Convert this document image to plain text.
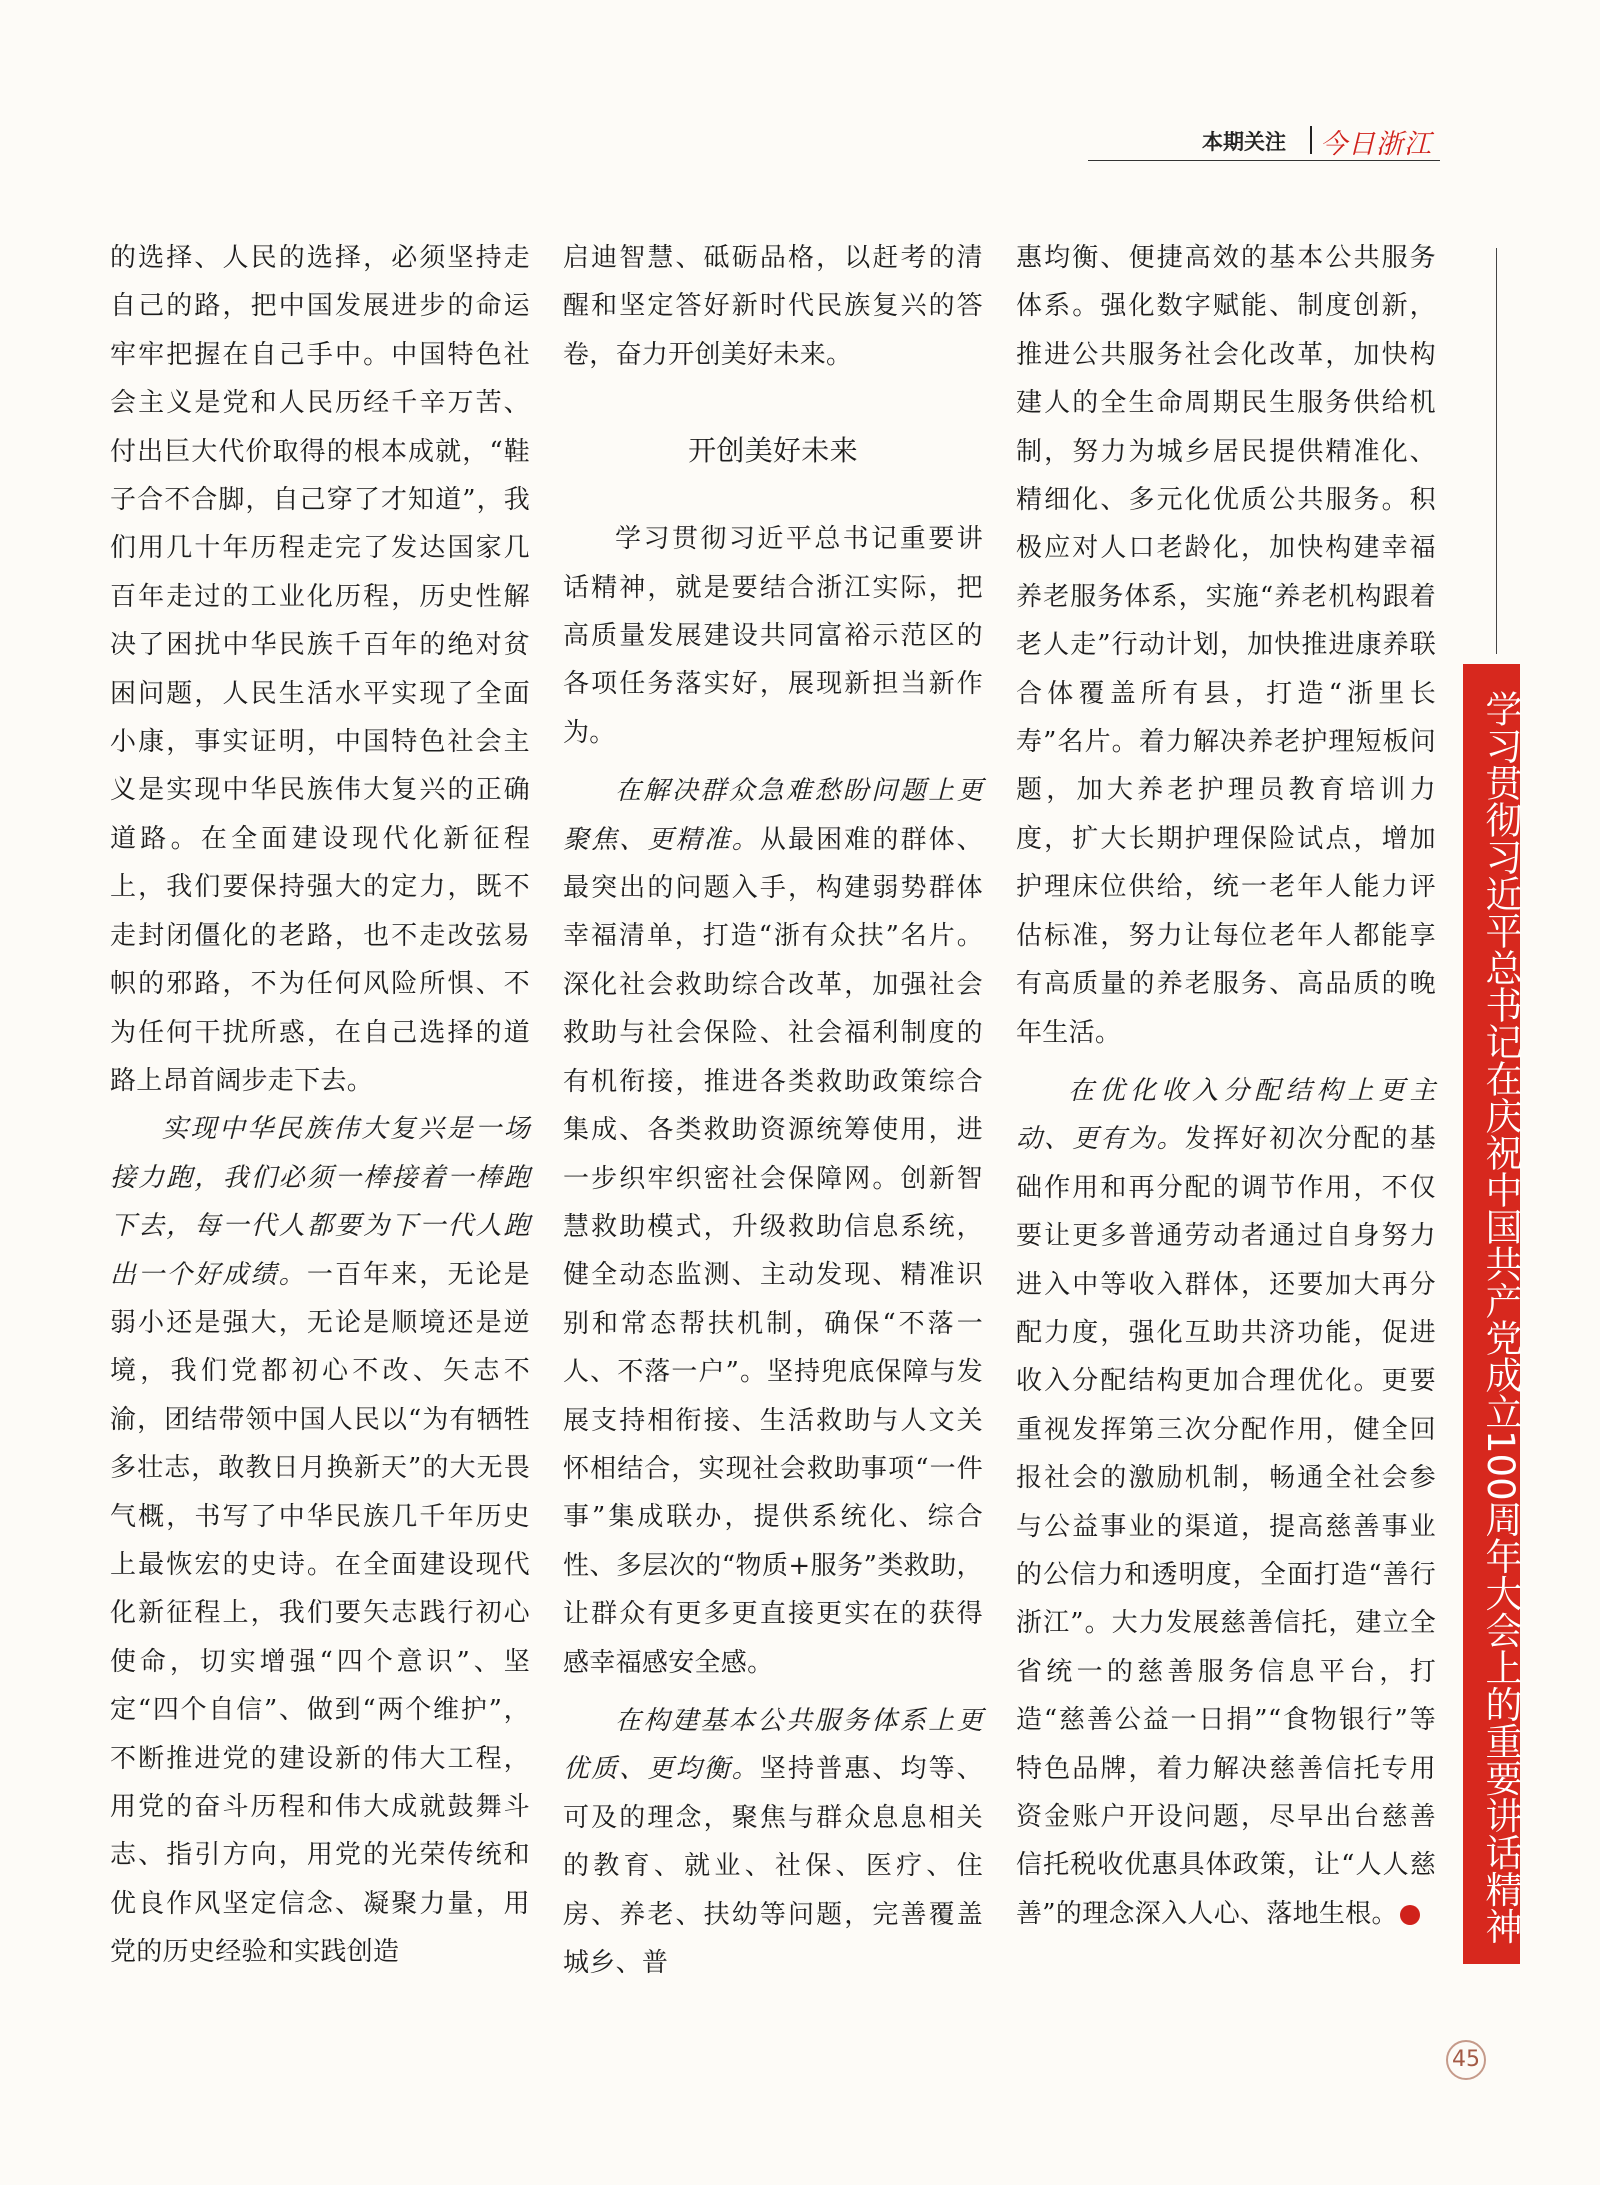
本期关注 今日浙江

的选择、人民的选择，必须坚持走自己的路，把中国发展进步的命运牢牢把握在自己手中。中国特色社会主义是党和人民历经千辛万苦、付出巨大代价取得的根本成就，“鞋子合不合脚，自己穿了才知道”，我们用几十年历程走完了发达国家几百年走过的工业化历程，历史性解决了困扰中华民族千百年的绝对贫困问题，人民生活水平实现了全面小康，事实证明，中国特色社会主义是实现中华民族伟大复兴的正确道路。在全面建设现代化新征程上，我们要保持强大的定力，既不走封闭僵化的老路，也不走改弦易帜的邪路，不为任何风险所惧、不为任何干扰所惑，在自己选择的道路上昂首阔步走下去。

实现中华民族伟大复兴是一场接力跑，我们必须一棒接着一棒跑下去，每一代人都要为下一代人跑出一个好成绩。一百年来，无论是弱小还是强大，无论是顺境还是逆境，我们党都初心不改、矢志不渝，团结带领中国人民以“为有牺牲多壮志，敢教日月换新天”的大无畏气概，书写了中华民族几千年历史上最恢宏的史诗。在全面建设现代化新征程上，我们要矢志践行初心使命，切实增强“四个意识”、坚定“四个自信”、做到“两个维护”，不断推进党的建设新的伟大工程，用党的奋斗历程和伟大成就鼓舞斗志、指引方向，用党的光荣传统和优良作风坚定信念、凝聚力量，用党的历史经验和实践创造

启迪智慧、砥砺品格，以赶考的清醒和坚定答好新时代民族复兴的答卷，奋力开创美好未来。

开创美好未来

学习贯彻习近平总书记重要讲话精神，就是要结合浙江实际，把高质量发展建设共同富裕示范区的各项任务落实好，展现新担当新作为。

在解决群众急难愁盼问题上更聚焦、更精准。从最困难的群体、最突出的问题入手，构建弱势群体幸福清单，打造“浙有众扶”名片。深化社会救助综合改革，加强社会救助与社会保险、社会福利制度的有机衔接，推进各类救助政策综合集成、各类救助资源统筹使用，进一步织牢织密社会保障网。创新智慧救助模式，升级救助信息系统，健全动态监测、主动发现、精准识别和常态帮扶机制，确保“不落一人、不落一户”。坚持兜底保障与发展支持相衔接、生活救助与人文关怀相结合，实现社会救助事项“一件事”集成联办，提供系统化、综合性、多层次的“物质+服务”类救助，让群众有更多更直接更实在的获得感幸福感安全感。

在构建基本公共服务体系上更优质、更均衡。坚持普惠、均等、可及的理念，聚焦与群众息息相关的教育、就业、社保、医疗、住房、养老、扶幼等问题，完善覆盖城乡、普

惠均衡、便捷高效的基本公共服务体系。强化数字赋能、制度创新，推进公共服务社会化改革，加快构建人的全生命周期民生服务供给机制，努力为城乡居民提供精准化、精细化、多元化优质公共服务。积极应对人口老龄化，加快构建幸福养老服务体系，实施“养老机构跟着老人走”行动计划，加快推进康养联合体覆盖所有县，打造“浙里长寿”名片。着力解决养老护理短板问题，加大养老护理员教育培训力度，扩大长期护理保险试点，增加护理床位供给，统一老年人能力评估标准，努力让每位老年人都能享有高质量的养老服务、高品质的晚年生活。

在优化收入分配结构上更主动、更有为。发挥好初次分配的基础作用和再分配的调节作用，不仅要让更多普通劳动者通过自身努力进入中等收入群体，还要加大再分配力度，强化互助共济功能，促进收入分配结构更加合理优化。更要重视发挥第三次分配作用，健全回报社会的激励机制，畅通全社会参与公益事业的渠道，提高慈善事业的公信力和透明度，全面打造“善行浙江”。大力发展慈善信托，建立全省统一的慈善服务信息平台，打造“慈善公益一日捐”“食物银行”等特色品牌，着力解决慈善信托专用资金账户开设问题，尽早出台慈善信托税收优惠具体政策，让“人人慈善”的理念深入人心、落地生根。	学习贯彻习近平总书记在庆祝中国共产党成立100周年大会上的重要讲话精神
45
